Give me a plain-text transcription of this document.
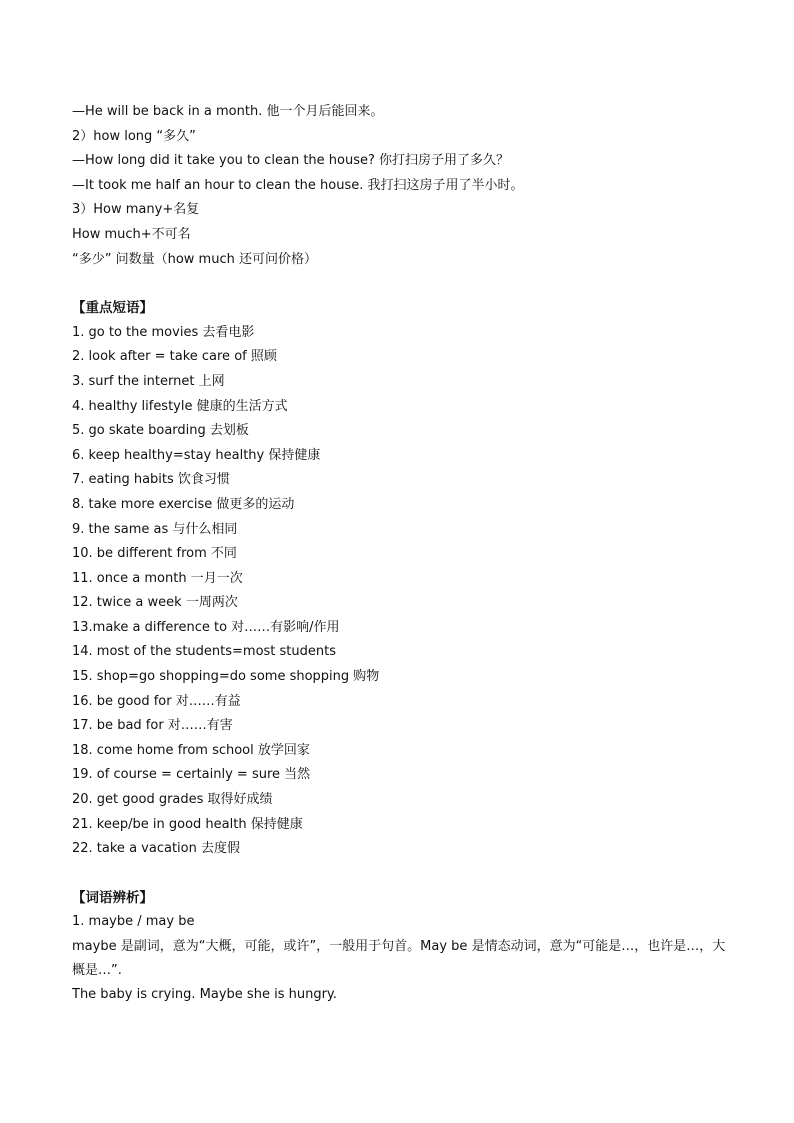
—He will be back in a month. 他一个月后能回来。
2）how long “多久”
—How long did it take you to clean the house? 你打扫房子用了多久？
—It took me half an hour to clean the house. 我打扫这房子用了半小时。
3）How many+名复
How much+不可名
“多少” 问数量（how much 还可问价格）
【重点短语】
1. go to the movies 去看电影
2. look after = take care of 照顾
3. surf the internet 上网
4. healthy lifestyle 健康的生活方式
5. go skate boarding 去划板
6. keep healthy=stay healthy 保持健康
7. eating habits 饮食习惯
8. take more exercise 做更多的运动
9. the same as 与什么相同
10. be different from 不同
11. once a month 一月一次
12. twice a week 一周两次
13.make a difference to 对……有影响/作用
14. most of the students=most students
15. shop=go shopping=do some shopping 购物
16. be good for 对……有益
17. be bad for 对……有害
18. come home from school 放学回家
19. of course = certainly = sure 当然
20. get good grades 取得好成绩
21. keep/be in good health 保持健康
22. take a vacation 去度假
【词语辨析】
1. maybe / may be
maybe 是副词，意为“大概，可能，或许”，一般用于句首。May be 是情态动词，意为“可能是…，也许是…，大概是…”.
The baby is crying. Maybe she is hungry.
